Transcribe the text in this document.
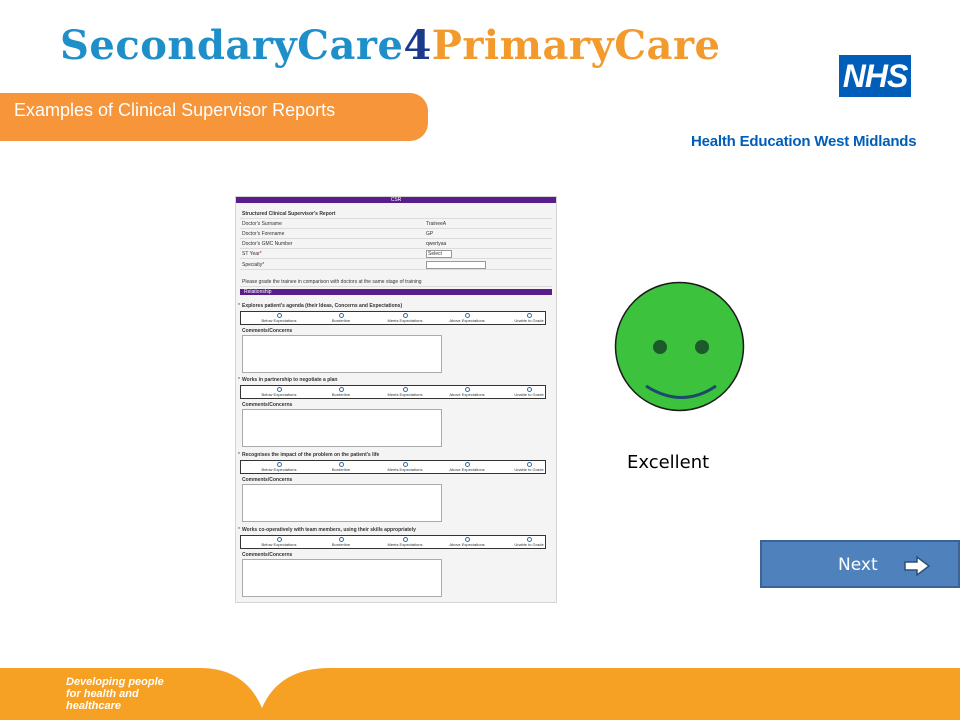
SecondaryCare4PrimaryCare
Examples of Clinical Supervisor Reports
NHS
Health Education West Midlands
CSR
Structured Clinical Supervisor's Report
Doctor's Surname	TraineeA
Doctor's Forename	GP
Doctor's GMC Number	qwertyaa
ST Year*	Select
Specialty*
Please grade the trainee in comparison with doctors at the same stage of training
Relationship
Explores patient's agenda (their Ideas, Concerns and Expectations)
*
Below Expectations	Borderline	Meets Expectations	Above Expectations	Unable to Grade
Comments/Concerns
Works in partnership to negotiate a plan
*
Below Expectations	Borderline	Meets Expectations	Above Expectations	Unable to Grade
Comments/Concerns
Recognises the impact of the problem on the patient's life
*
Below Expectations	Borderline	Meets Expectations	Above Expectations	Unable to Grade
Comments/Concerns
Works co-operatively with team members, using their skills appropriately
*
Below Expectations	Borderline	Meets Expectations	Above Expectations	Unable to Grade
Comments/Concerns
Excellent
Next
Developing people
for health and
healthcare
